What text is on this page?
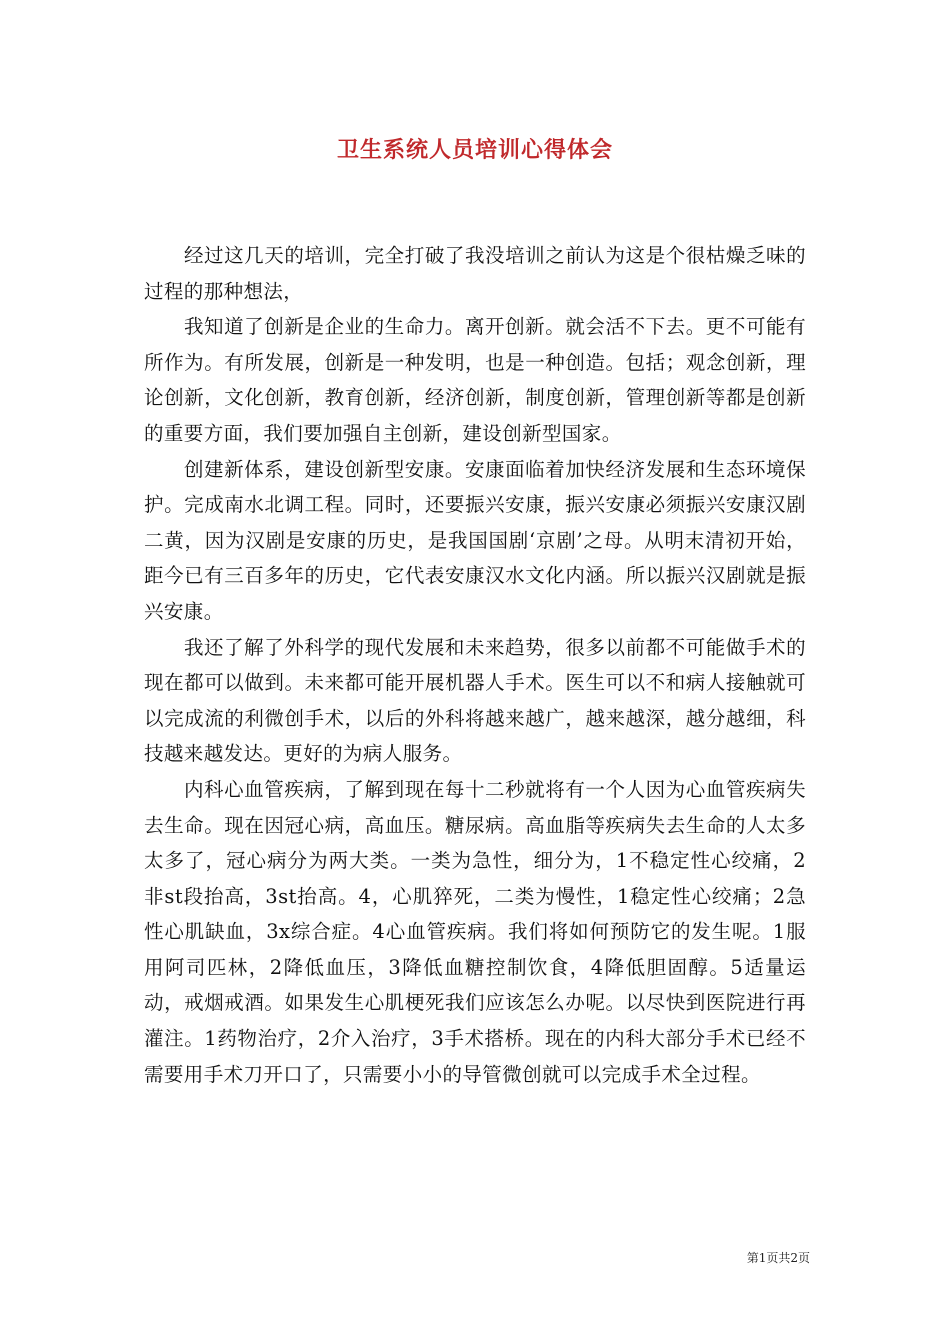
卫生系统人员培训心得体会

经过这几天的培训，完全打破了我没培训之前认为这是个很枯燥乏味的过程的那种想法，

我知道了创新是企业的生命力。离开创新。就会活不下去。更不可能有所作为。有所发展，创新是一种发明，也是一种创造。包括；观念创新，理论创新，文化创新，教育创新，经济创新，制度创新，管理创新等都是创新的重要方面，我们要加强自主创新，建设创新型国家。

创建新体系，建设创新型安康。安康面临着加快经济发展和生态环境保护。完成南水北调工程。同时，还要振兴安康，振兴安康必须振兴安康汉剧二黄，因为汉剧是安康的历史，是我国国剧‘京剧’之母。从明末清初开始，距今已有三百多年的历史，它代表安康汉水文化内涵。所以振兴汉剧就是振兴安康。

我还了解了外科学的现代发展和未来趋势，很多以前都不可能做手术的现在都可以做到。未来都可能开展机器人手术。医生可以不和病人接触就可以完成流的利微创手术，以后的外科将越来越广，越来越深，越分越细，科技越来越发达。更好的为病人服务。

内科心血管疾病，了解到现在每十二秒就将有一个人因为心血管疾病失去生命。现在因冠心病，高血压。糖尿病。高血脂等疾病失去生命的人太多太多了，冠心病分为两大类。一类为急性，细分为，1不稳定性心绞痛，2非st段抬高，3st抬高。4，心肌猝死，二类为慢性，1稳定性心绞痛；2急性心肌缺血，3x综合症。4心血管疾病。我们将如何预防它的发生呢。1服用阿司匹林，2降低血压，3降低血糖控制饮食，4降低胆固醇。5适量运动，戒烟戒酒。如果发生心肌梗死我们应该怎么办呢。以尽快到医院进行再灌注。1药物治疗，2介入治疗，3手术搭桥。现在的内科大部分手术已经不需要用手术刀开口了，只需要小小的导管微创就可以完成手术全过程。

第1页共2页
